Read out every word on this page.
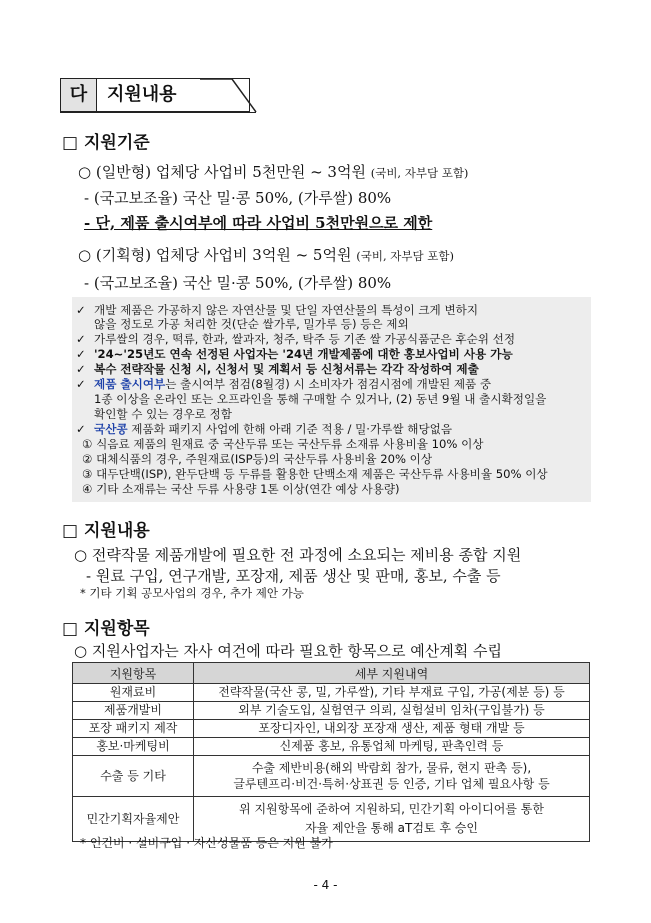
다	지원내용
□ 지원기준
○ (일반형) 업체당 사업비 5천만원 ~ 3억원 (국비, 자부담 포함)
- (국고보조율) 국산 밀·콩 50%, (가루쌀) 80%
- 단, 제품 출시여부에 따라 사업비 5천만원으로 제한
○ (기획형) 업체당 사업비 3억원 ~ 5억원 (국비, 자부담 포함)
- (국고보조율) 국산 밀·콩 50%, (가루쌀) 80%
✓ 개발 제품은 가공하지 않은 자연산물 및 단일 자연산물의 특성이 크게 변하지
않을 정도로 가공 처리한 것(단순 쌀가루, 밀가루 등) 등은 제외
✓ 가루쌀의 경우, 떡류, 한과, 쌀과자, 청주, 탁주 등 기존 쌀 가공식품군은 후순위 선정
✓ '24~'25년도 연속 선정된 사업자는 '24년 개발제품에 대한 홍보사업비 사용 가능
✓ 복수 전략작물 신청 시, 신청서 및 계획서 등 신청서류는 각각 작성하여 제출
✓ 제품 출시여부는 출시여부 점검(8월경) 시 소비자가 점검시점에 개발된 제품 중
1종 이상을 온라인 또는 오프라인을 통해 구매할 수 있거나, (2) 동년 9월 내 출시확정일을
확인할 수 있는 경우로 정함
✓ 국산콩 제품화 패키지 사업에 한해 아래 기준 적용 / 밀·가루쌀 해당없음
① 식음료 제품의 원재료 중 국산두류 또는 국산두류 소재류 사용비율 10% 이상
② 대체식품의 경우, 주원재료(ISP등)의 국산두류 사용비율 20% 이상
③ 대두단백(ISP), 완두단백 등 두류를 활용한 단백소재 제품은 국산두류 사용비율 50% 이상
④ 기타 소재류는 국산 두류 사용량 1톤 이상(연간 예상 사용량)
□ 지원내용
○ 전략작물 제품개발에 필요한 전 과정에 소요되는 제비용 종합 지원
- 원료 구입, 연구개발, 포장재, 제품 생산 및 판매, 홍보, 수출 등
* 기타 기획 공모사업의 경우, 추가 제안 가능
□ 지원항목
○ 지원사업자는 자사 여건에 따라 필요한 항목으로 예산계획 수립
지원항목	세부 지원내역
원재료비	전략작물(국산 콩, 밀, 가루쌀), 기타 부재료 구입, 가공(제분 등) 등
제품개발비	외부 기술도입, 실험연구 의뢰, 실험설비 임차(구입불가) 등
포장 패키지 제작	포장디자인, 내외장 포장재 생산, 제품 형태 개발 등
홍보·마케팅비	신제품 홍보, 유통업체 마케팅, 판촉인력 등
수출 등 기타	수출 제반비용(해외 박람회 참가, 물류, 현지 판촉 등),
글루텐프리·비건·특허·상표권 등 인증, 기타 업체 필요사항 등

민간기획자율제안	위 지원항목에 준하여 지원하되, 민간기획 아이디어를 통한
자율 제안을 통해 aT검토 후 승인
* 인건비 · 설비구입 · 자산성물품 등은 지원 불가
- 4 -
